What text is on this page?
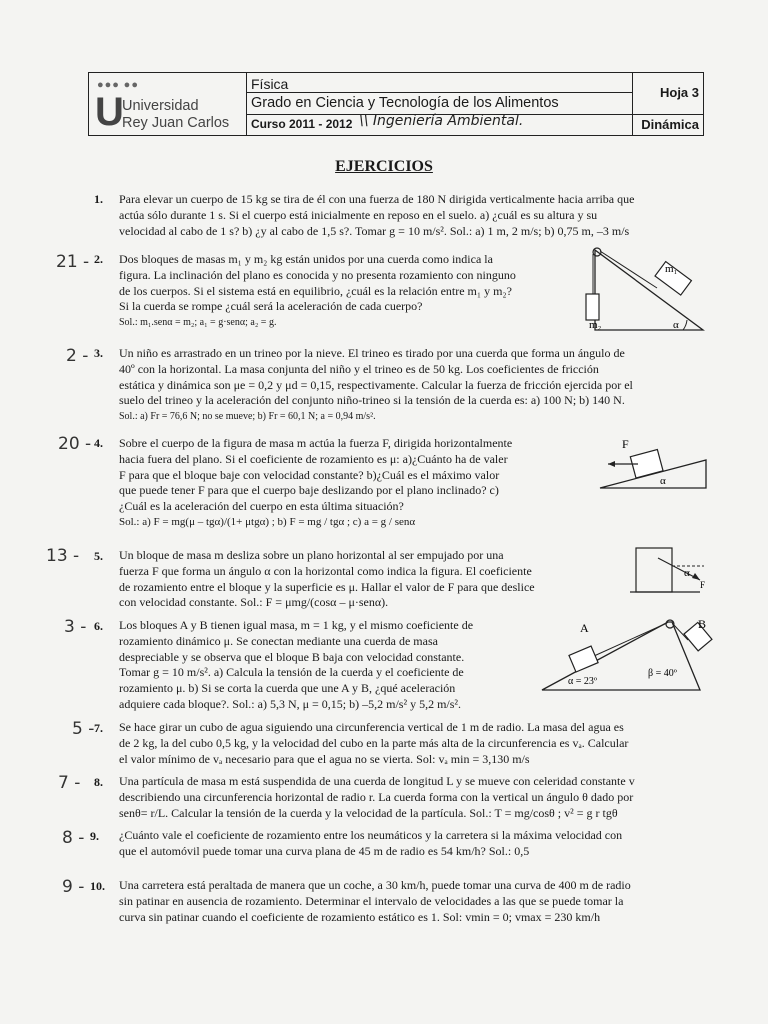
●●● ●●
U
Universidad
Rey Juan Carlos
Física
Grado en Ciencia y Tecnología de los Alimentos
Curso 2011 - 2012 \\ Ingeniería Ambiental.
Hoja 3
Dinámica
EJERCICIOS
1. Para elevar un cuerpo de 15 kg se tira de él con una fuerza de 180 N dirigida verticalmente hacia arriba que
actúa sólo durante 1 s. Si el cuerpo está inicialmente en reposo en el suelo. a) ¿cuál es su altura y su
velocidad al cabo de 1 s? b) ¿y al cabo de 1,5 s?. Tomar g = 10 m/s². Sol.: a) 1 m, 2 m/s; b) 0,75 m, –3 m/s
21 - 2. Dos bloques de masas m₁ y m₂ kg están unidos por una cuerda como indica la
figura. La inclinación del plano es conocida y no presenta rozamiento con ninguno
de los cuerpos. Si el sistema está en equilibrio, ¿cuál es la relación entre m₁ y m₂?
Si la cuerda se rompe ¿cuál será la aceleración de cada cuerpo?
Sol.: m₁.senα = m₂; a₁ = g·senα; a₂ = g.
m₁
m₂	α
2 - 3. Un niño es arrastrado en un trineo por la nieve. El trineo es tirado por una cuerda que forma un ángulo de
40º con la horizontal. La masa conjunta del niño y el trineo es de 50 kg. Los coeficientes de fricción
estática y dinámica son μe = 0,2 y μd = 0,15, respectivamente. Calcular la fuerza de fricción ejercida por el
suelo del trineo y la aceleración del conjunto niño-trineo si la tensión de la cuerda es: a) 100 N; b) 140 N.
Sol.: a) Fr = 76,6 N; no se mueve; b) Fr = 60,1 N; a = 0,94 m/s².
20 - 4. Sobre el cuerpo de la figura de masa m actúa la fuerza F, dirigida horizontalmente
hacia fuera del plano. Si el coeficiente de rozamiento es μ: a)¿Cuánto ha de valer
F para que el bloque baje con velocidad constante? b)¿Cuál es el máximo valor
que puede tener F para que el cuerpo baje deslizando por el plano inclinado? c)
¿Cuál es la aceleración del cuerpo en esta última situación?
Sol.: a) F = mg(μ – tgα)/(1+ μtgα) ; b) F = mg / tgα ; c) a = g / senα
F
α
13 - 5. Un bloque de masa m desliza sobre un plano horizontal al ser empujado por una
fuerza F que forma un ángulo α con la horizontal como indica la figura. El coeficiente
de rozamiento entre el bloque y la superficie es μ. Hallar el valor de F para que deslice
con velocidad constante. Sol.: F = μmg/(cosα – μ·senα).
α
F
3 - 6. Los bloques A y B tienen igual masa, m = 1 kg, y el mismo coeficiente de
rozamiento dinámico μ. Se conectan mediante una cuerda de masa
despreciable y se observa que el bloque B baja con velocidad constante.
Tomar g = 10 m/s². a) Calcula la tensión de la cuerda y el coeficiente de
rozamiento μ. b) Si se corta la cuerda que une A y B, ¿qué aceleración
adquiere cada bloque?. Sol.: a) 5,3 N, μ = 0,15; b) –5,2 m/s² y 5,2 m/s².
A	B
α = 23º
β = 40º
5 - 7. Se hace girar un cubo de agua siguiendo una circunferencia vertical de 1 m de radio. La masa del agua es
de 2 kg, la del cubo 0,5 kg, y la velocidad del cubo en la parte más alta de la circunferencia es vₐ. Calcular
el valor mínimo de vₐ necesario para que el agua no se vierta. Sol: vₐ min = 3,130 m/s
7 - 8. Una partícula de masa m está suspendida de una cuerda de longitud L y se mueve con celeridad constante v
describiendo una circunferencia horizontal de radio r. La cuerda forma con la vertical un ángulo θ dado por
senθ= r/L. Calcular la tensión de la cuerda y la velocidad de la partícula. Sol.: T = mg/cosθ ; v² = g r tgθ
8 - 9. ¿Cuánto vale el coeficiente de rozamiento entre los neumáticos y la carretera si la máxima velocidad con
que el automóvil puede tomar una curva plana de 45 m de radio es 54 km/h? Sol.: 0,5
9 - 10. Una carretera está peraltada de manera que un coche, a 30 km/h, puede tomar una curva de 400 m de radio
sin patinar en ausencia de rozamiento. Determinar el intervalo de velocidades a las que se puede tomar la
curva sin patinar cuando el coeficiente de rozamiento estático es 1. Sol: vmin = 0; vmax = 230 km/h
